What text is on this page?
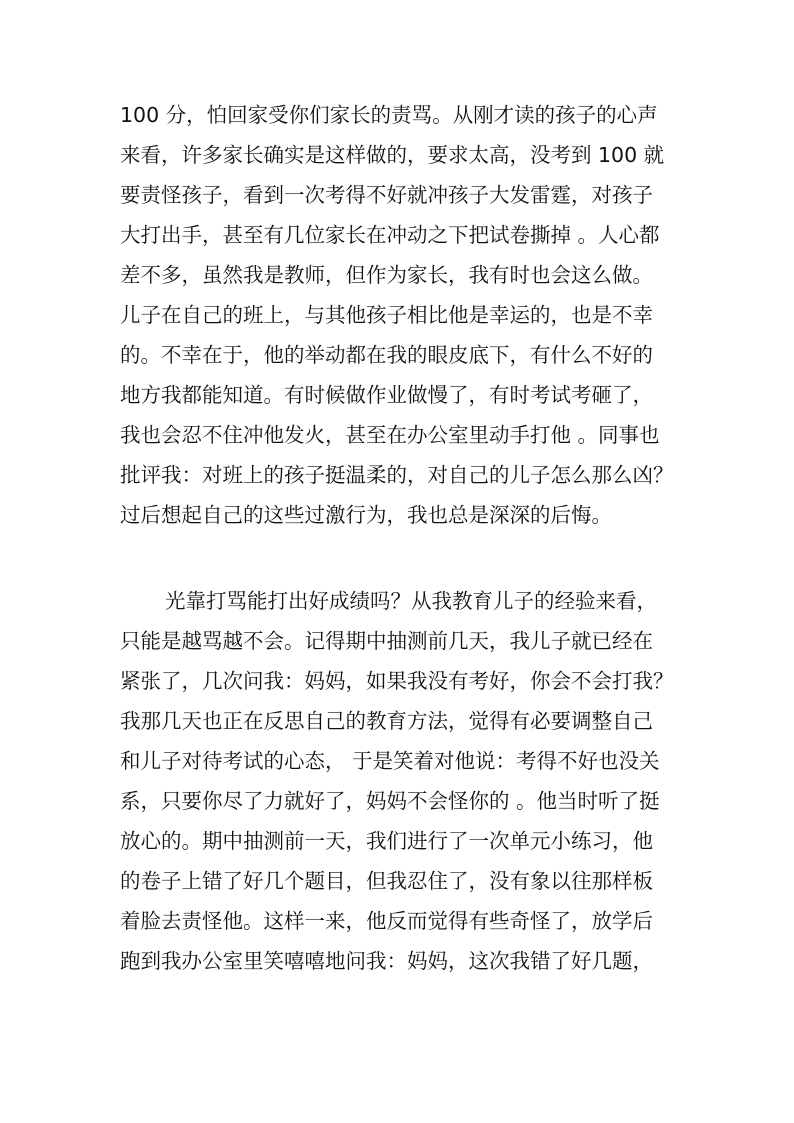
100 分，怕回家受你们家长的责骂。从刚才读的孩子的心声
来看，许多家长确实是这样做的，要求太高，没考到 100 就
要责怪孩子，看到一次考得不好就冲孩子大发雷霆，对孩子
大打出手，甚至有几位家长在冲动之下把试卷撕掉 。人心都
差不多，虽然我是教师，但作为家长，我有时也会这么做。
儿子在自己的班上，与其他孩子相比他是幸运的，也是不幸
的。不幸在于，他的举动都在我的眼皮底下，有什么不好的
地方我都能知道。有时候做作业做慢了，有时考试考砸了，
我也会忍不住冲他发火，甚至在办公室里动手打他 。同事也
批评我：对班上的孩子挺温柔的，对自己的儿子怎么那么凶？
过后想起自己的这些过激行为，我也总是深深的后悔。
光靠打骂能打出好成绩吗？从我教育儿子的经验来看，
只能是越骂越不会。记得期中抽测前几天，我儿子就已经在
紧张了，几次问我：妈妈，如果我没有考好，你会不会打我？
我那几天也正在反思自己的教育方法，觉得有必要调整自己
和儿子对待考试的心态， 于是笑着对他说：考得不好也没关
系，只要你尽了力就好了，妈妈不会怪你的 。他当时听了挺
放心的。期中抽测前一天，我们进行了一次单元小练习，他
的卷子上错了好几个题目，但我忍住了，没有象以往那样板
着脸去责怪他。这样一来，他反而觉得有些奇怪了，放学后
跑到我办公室里笑嘻嘻地问我：妈妈，这次我错了好几题，
